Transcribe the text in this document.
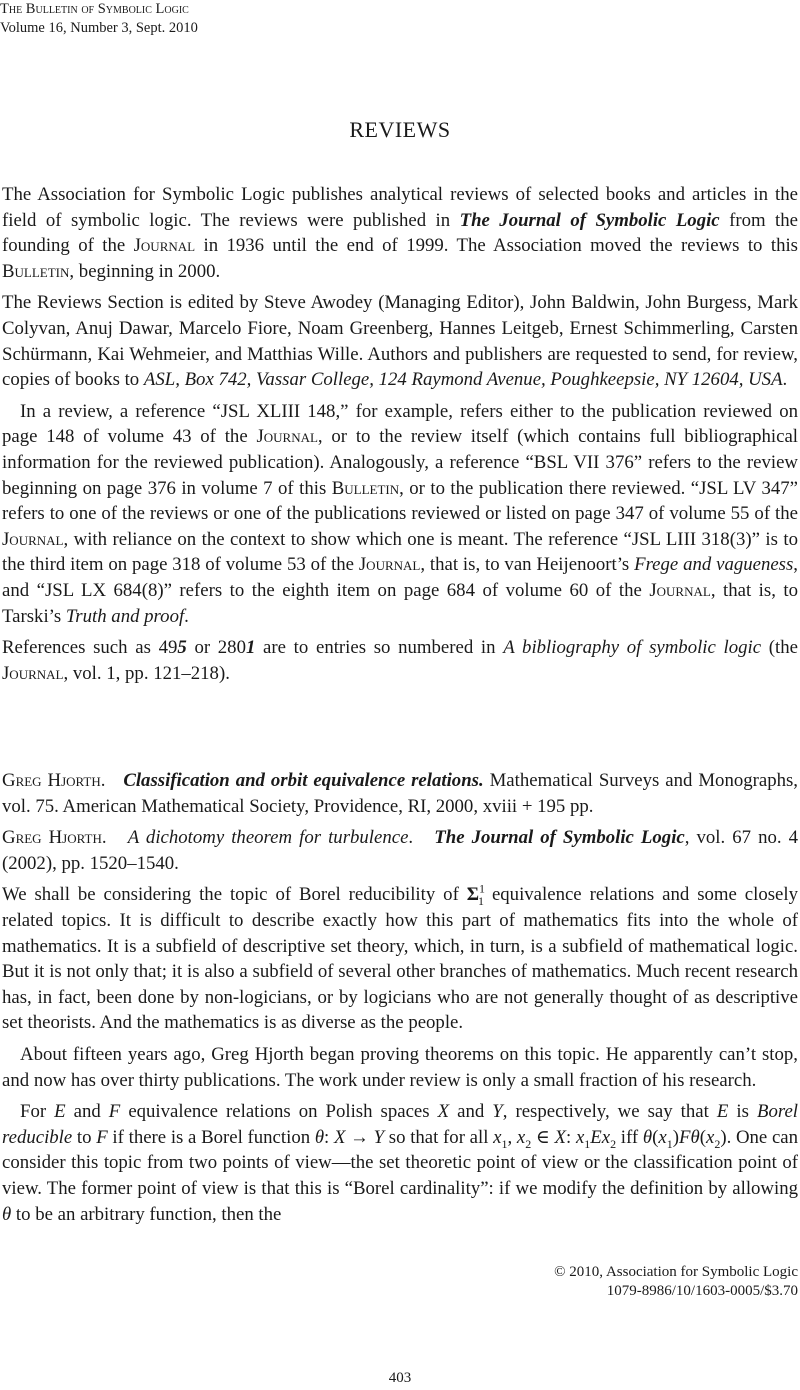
The Bulletin of Symbolic Logic
Volume 16, Number 3, Sept. 2010
REVIEWS

The Association for Symbolic Logic publishes analytical reviews of selected books and articles in the field of symbolic logic. The reviews were published in The Journal of Symbolic Logic from the founding of the Journal in 1936 until the end of 1999. The Association moved the reviews to this Bulletin, beginning in 2000.

The Reviews Section is edited by Steve Awodey (Managing Editor), John Baldwin, John Burgess, Mark Colyvan, Anuj Dawar, Marcelo Fiore, Noam Greenberg, Hannes Leitgeb, Ernest Schimmerling, Carsten Schürmann, Kai Wehmeier, and Matthias Wille. Authors and publishers are requested to send, for review, copies of books to ASL, Box 742, Vassar College, 124 Raymond Avenue, Poughkeepsie, NY 12604, USA.

In a review, a reference “JSL XLIII 148,” for example, refers either to the publication reviewed on page 148 of volume 43 of the Journal, or to the review itself (which contains full bibliographical information for the reviewed publication). Analogously, a reference “BSL VII 376” refers to the review beginning on page 376 in volume 7 of this Bulletin, or to the publication there reviewed. “JSL LV 347” refers to one of the reviews or one of the publications reviewed or listed on page 347 of volume 55 of the Journal, with reliance on the context to show which one is meant. The reference “JSL LIII 318(3)” is to the third item on page 318 of volume 53 of the Journal, that is, to van Heijenoort’s Frege and vagueness, and “JSL LX 684(8)” refers to the eighth item on page 684 of volume 60 of the Journal, that is, to Tarski’s Truth and proof.

References such as 495 or 2801 are to entries so numbered in A bibliography of symbolic logic (the Journal, vol. 1, pp. 121–218).

Greg Hjorth.   Classification and orbit equivalence relations. Mathematical Surveys and Monographs, vol. 75. American Mathematical Society, Providence, RI, 2000, xviii + 195 pp.

Greg Hjorth.   A dichotomy theorem for turbulence.   The Journal of Symbolic Logic, vol. 67 no. 4 (2002), pp. 1520–1540.

We shall be considering the topic of Borel reducibility of $\Sigma^1_1$ equivalence relations and some closely related topics. It is difficult to describe exactly how this part of mathematics fits into the whole of mathematics. It is a subfield of descriptive set theory, which, in turn, is a subfield of mathematical logic. But it is not only that; it is also a subfield of several other branches of mathematics. Much recent research has, in fact, been done by non-logicians, or by logicians who are not generally thought of as descriptive set theorists. And the mathematics is as diverse as the people.

About fifteen years ago, Greg Hjorth began proving theorems on this topic. He apparently can’t stop, and now has over thirty publications. The work under review is only a small fraction of his research.

For E and F equivalence relations on Polish spaces X and Y, respectively, we say that E is Borel reducible to F if there is a Borel function θ: X → Y so that for all $x_1$, $x_2$ ∈ X: $x_1Ex_2$ iff $\theta(x_1)F\theta(x_2)$. One can consider this topic from two points of view—the set theoretic point of view or the classification point of view. The former point of view is that this is “Borel cardinality”: if we modify the definition by allowing θ to be an arbitrary function, then the

© 2010, Association for Symbolic Logic
1079-8986/10/1603-0005/$3.70
403
